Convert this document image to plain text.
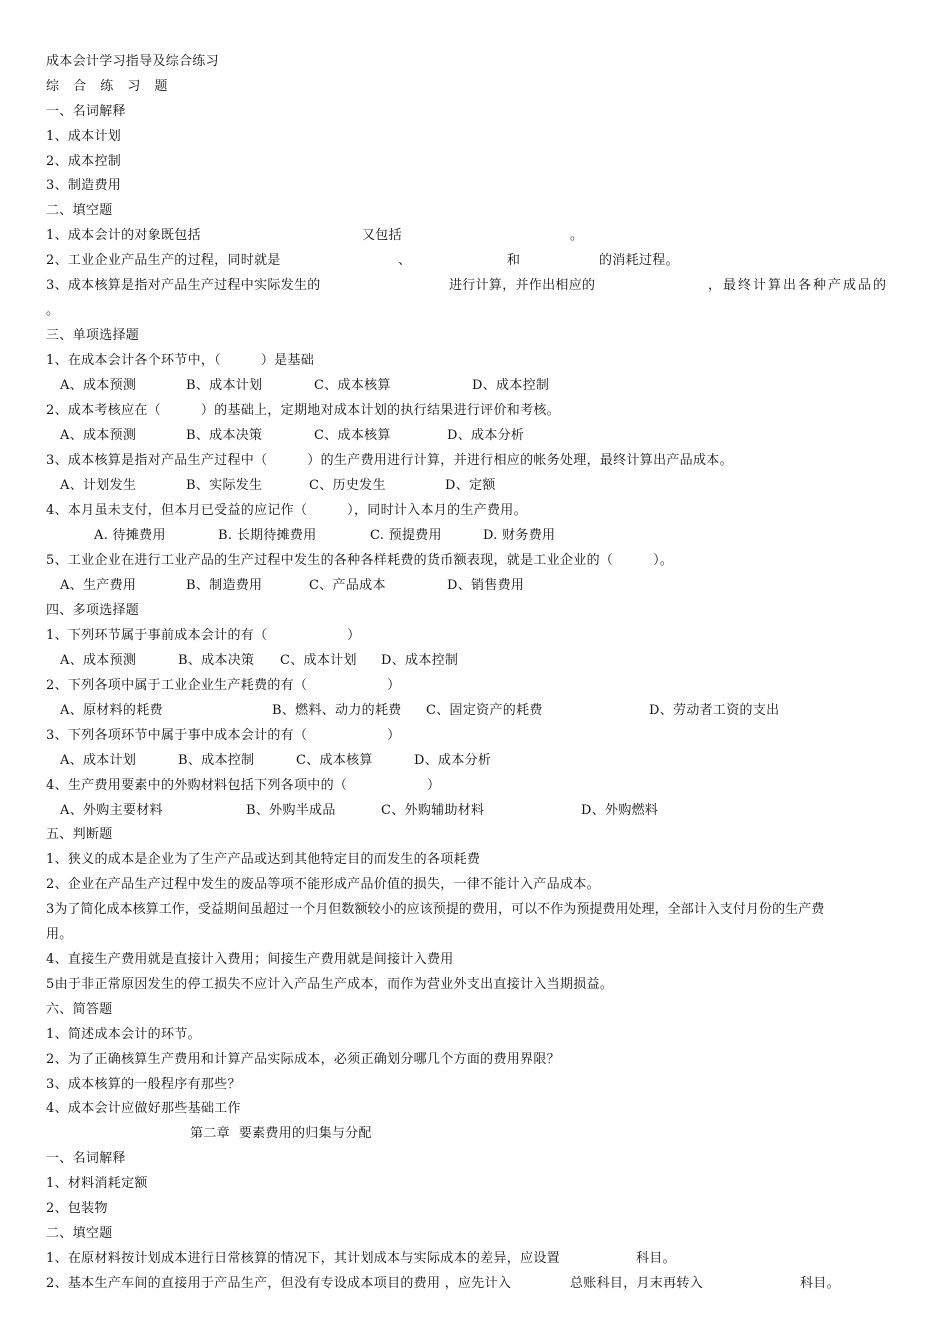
成本会计学习指导及综合练习
综 合 练 习 题
一、名词解释
1、成本计划
2、成本控制
3、制造费用
二、填空题
1、成本会计的对象既包括	又包括	。
2、工业企业产品生产的过程，同时就是	、	和	的消耗过程。
3、成本核算是指对产品生产过程中实际发生的	进行计算，并作出相应的	，最终计算出各种产成品的
。
三、单项选择题
1、在成本会计各个环节中，（　　　）是基础
A、成本预测	B、成本计划	C、成本核算	D、成本控制
2、成本考核应在（　　　）的基础上，定期地对成本计划的执行结果进行评价和考核。
A、成本预测	B、成本决策	C、成本核算	D、成本分析
3、成本核算是指对产品生产过程中（　　　）的生产费用进行计算，并进行相应的帐务处理，最终计算出产品成本。
A、计划发生	B、实际发生	C、历史发生	D、定额
4、本月虽未支付，但本月已受益的应记作（　　　），同时计入本月的生产费用。
A. 待摊费用	B. 长期待摊费用	C. 预提费用	D. 财务费用
5、工业企业在进行工业产品的生产过程中发生的各种各样耗费的货币额表现，就是工业企业的（　　　）。
A、生产费用	B、制造费用	C、产品成本	D、销售费用
四、多项选择题
1、下列环节属于事前成本会计的有（　　　　　　）
A、成本预测	B、成本决策 C、成本计划 D、成本控制
2、下列各项中属于工业企业生产耗费的有（　　　　　　）
A、原材料的耗费	B、燃料、动力的耗费 C、固定资产的耗费	D、劳动者工资的支出
3、下列各项环节中属于事中成本会计的有（　　　　　　）
A、成本计划	B、成本控制	C、成本核算	D、成本分析
4、生产费用要素中的外购材料包括下列各项中的（　　　　　　）
A、外购主要材料	B、外购半成品	C、外购辅助材料	D、外购燃料
五、判断题
1、狭义的成本是企业为了生产产品或达到其他特定目的而发生的各项耗费
2、企业在产品生产过程中发生的废品等项不能形成产品价值的损失，一律不能计入产品成本。
3为了简化成本核算工作，受益期间虽超过一个月但数额较小的应该预提的费用，可以不作为预提费用处理，全部计入支付月份的生产费
用。
4、直接生产费用就是直接计入费用；间接生产费用就是间接计入费用
5由于非正常原因发生的停工损失不应计入产品生产成本，而作为营业外支出直接计入当期损益。
六、简答题
1、简述成本会计的环节。
2、为了正确核算生产费用和计算产品实际成本，必须正确划分哪几个方面的费用界限？
3、成本核算的一般程序有那些？
4、成本会计应做好那些基础工作
第二章  要素费用的归集与分配
一、名词解释
1、材料消耗定额
2、包装物
二、填空题
1、在原材料按计划成本进行日常核算的情况下，其计划成本与实际成本的差异，应设置	科目。
2、基本生产车间的直接用于产品生产，但没有专设成本项目的费用 ，应先计入	总账科目，月末再转入	科目。
